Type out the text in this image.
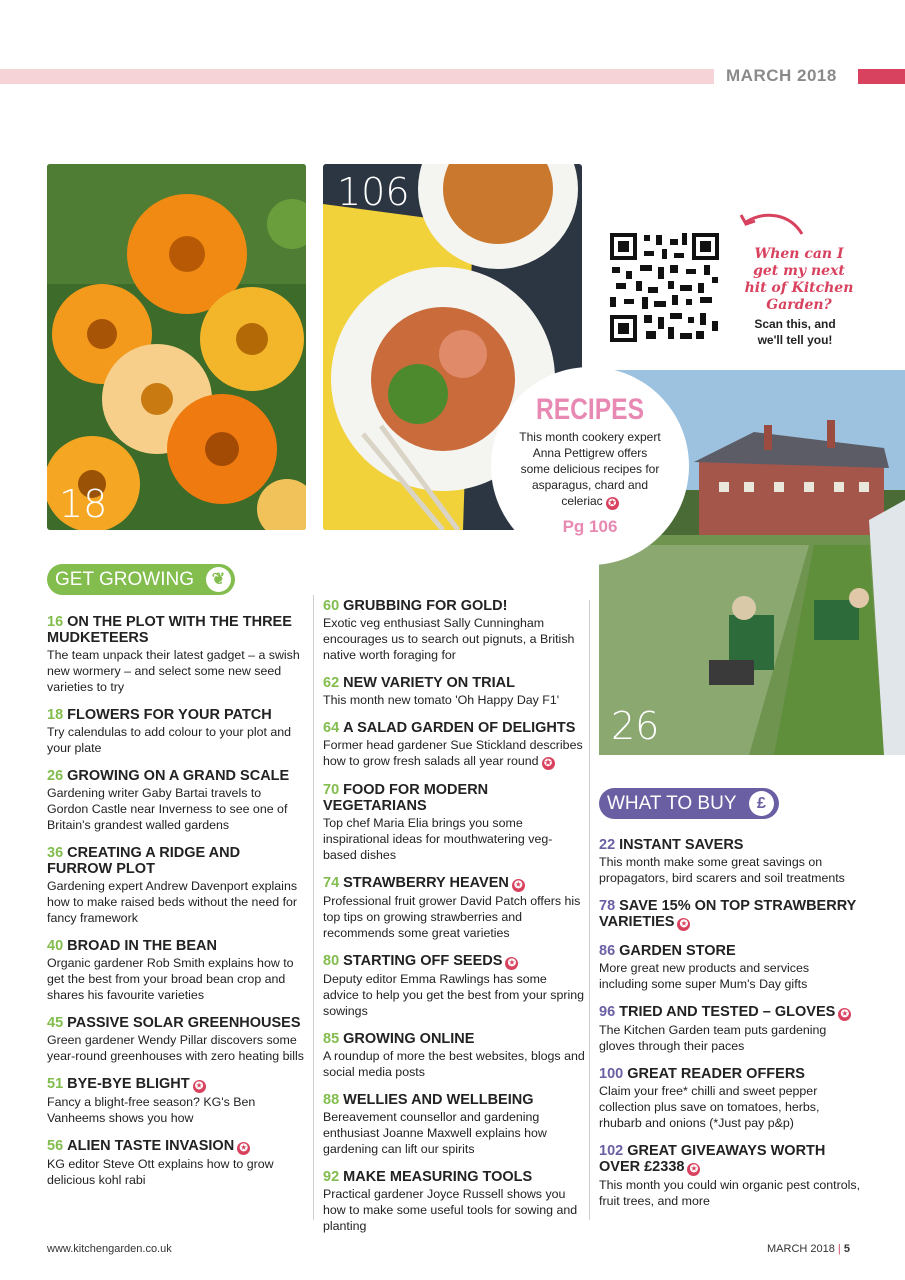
MARCH 2018
18
106
When can I get my next hit of Kitchen Garden?
Scan this, and we'll tell you!
26
RECIPES
This month cookery expert Anna Pettigrew offers some delicious recipes for asparagus, chard and celeriac ✪
Pg 106
GET GROWING	❦
WHAT TO BUY	£
16 ON THE PLOT WITH THE THREE MUDKETEERS
The team unpack their latest gadget – a swish new wormery – and select some new seed varieties to try
18 FLOWERS FOR YOUR PATCH
Try calendulas to add colour to your plot and your plate
26 GROWING ON A GRAND SCALE
Gardening writer Gaby Bartai travels to Gordon Castle near Inverness to see one of Britain's grandest walled gardens
36 CREATING A RIDGE AND FURROW PLOT
Gardening expert Andrew Davenport explains how to make raised beds without the need for fancy framework
40 BROAD IN THE BEAN
Organic gardener Rob Smith explains how to get the best from your broad bean crop and shares his favourite varieties
45 PASSIVE SOLAR GREENHOUSES
Green gardener Wendy Pillar discovers some year-round greenhouses with zero heating bills
51 BYE-BYE BLIGHT ✪
Fancy a blight-free season? KG's Ben Vanheems shows you how
56 ALIEN TASTE INVASION ✪
KG editor Steve Ott explains how to grow delicious kohl rabi
60 GRUBBING FOR GOLD!
Exotic veg enthusiast Sally Cunningham encourages us to search out pignuts, a British native worth foraging for
62 NEW VARIETY ON TRIAL
This month new tomato 'Oh Happy Day F1'
64 A SALAD GARDEN OF DELIGHTS
Former head gardener Sue Stickland describes how to grow fresh salads all year round ✪
70 FOOD FOR MODERN VEGETARIANS
Top chef Maria Elia brings you some inspirational ideas for mouthwatering veg-based dishes
74 STRAWBERRY HEAVEN ✪
Professional fruit grower David Patch offers his top tips on growing strawberries and recommends some great varieties
80 STARTING OFF SEEDS ✪
Deputy editor Emma Rawlings has some advice to help you get the best from your spring sowings
85 GROWING ONLINE
A roundup of more the best websites, blogs and social media posts
88 WELLIES AND WELLBEING
Bereavement counsellor and gardening enthusiast Joanne Maxwell explains how gardening can lift our spirits
92 MAKE MEASURING TOOLS
Practical gardener Joyce Russell shows you how to make some useful tools for sowing and planting
22 INSTANT SAVERS
This month make some great savings on propagators, bird scarers and soil treatments
78 SAVE 15% ON TOP STRAWBERRY VARIETIES ✪
86 GARDEN STORE
More great new products and services including some super Mum's Day gifts
96 TRIED AND TESTED – GLOVES ✪
The Kitchen Garden team puts gardening gloves through their paces
100 GREAT READER OFFERS
Claim your free* chilli and sweet pepper collection plus save on tomatoes, herbs, rhubarb and onions (*Just pay p&p)
102 GREAT GIVEAWAYS WORTH OVER £2338 ✪
This month you could win organic pest controls, fruit trees, and more
www.kitchengarden.co.uk	MARCH 2018 | 5
